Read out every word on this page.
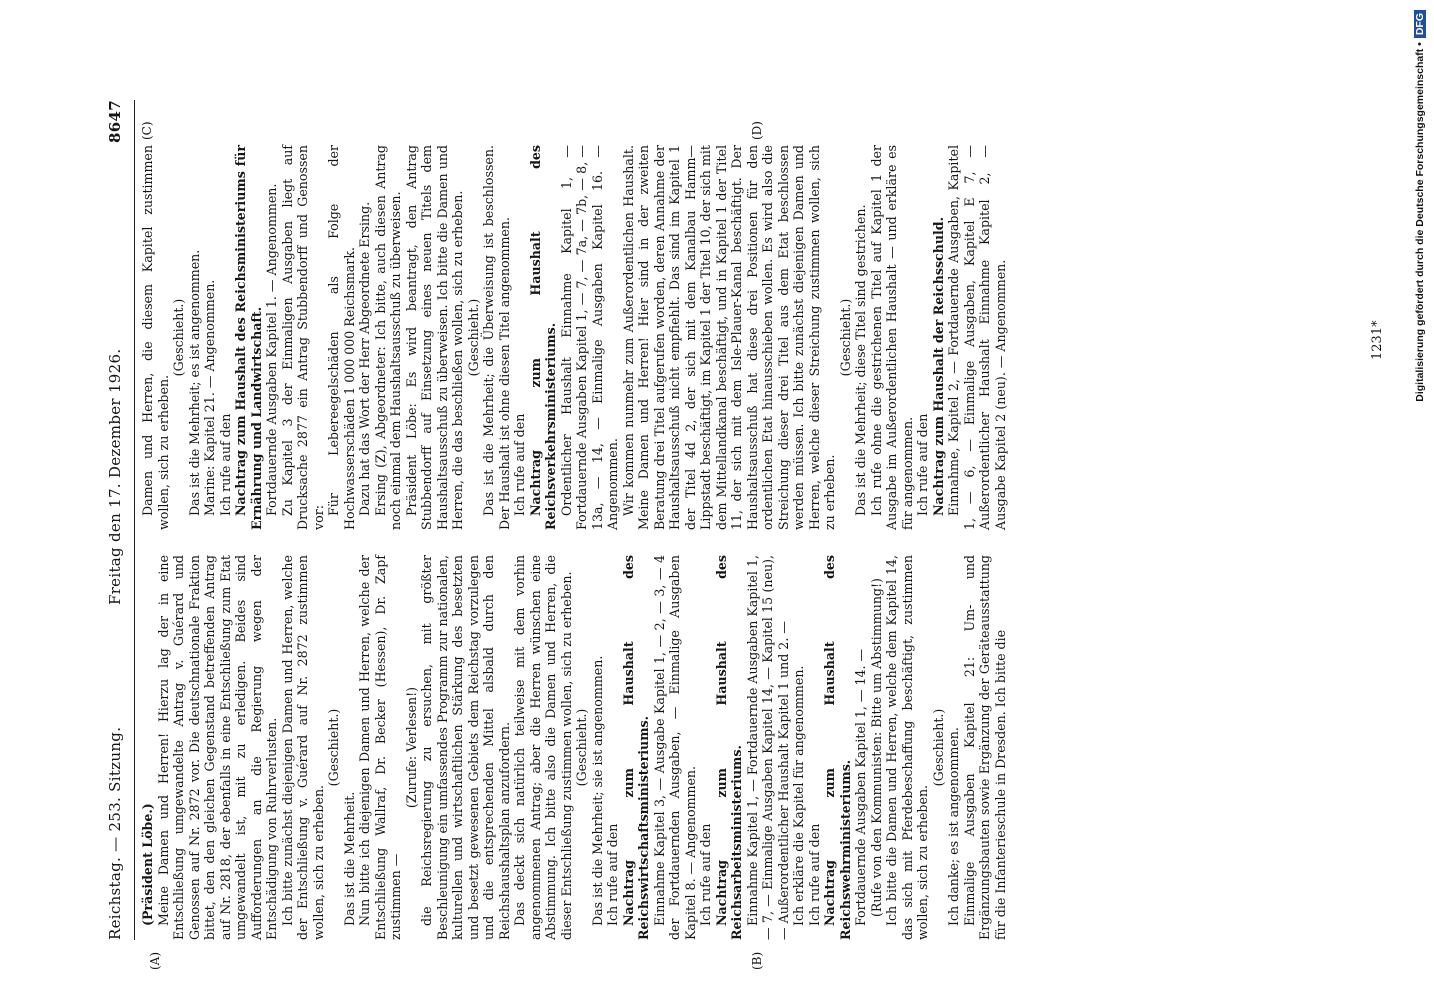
Reichstag. — 253. Sitzung.
Freitag den 17. Dezember 1926.
8647
(A)	(B)
(C)	(D)

(Präsident Löbe.) Meine Damen und Herren! Hierzu lag der in eine Entschließung umgewandelte Antrag v. Guérard und Genossen auf Nr. 2872 vor. Die deutschnationale Fraktion bittet, den den gleichen Gegenstand betreffenden Antrag auf Nr. 2818, der ebenfalls in eine Entschließung zum Etat umgewandelt ist, mit zu erledigen. Beides sind Aufforderungen an die Regierung wegen der Entschädigung von Ruhrverlusten. Ich bitte zunächst diejenigen Damen und Herren, welche der Entschließung v. Guérard auf Nr. 2872 zustimmen wollen, sich zu erheben.

(Geschieht.)

Das ist die Mehrheit. Nun bitte ich diejenigen Damen und Herren, welche der Entschließung Wallraf, Dr. Becker (Hessen), Dr. Zapf zustimmen —

(Zurufe: Verlesen!) die Reichsregierung zu ersuchen, mit größter Beschleunigung ein umfassendes Programm zur nationalen, kulturellen und wirtschaftlichen Stärkung des besetzten und besetzt gewesenen Gebiets dem Reichstag vorzulegen und die entsprechenden Mittel alsbald durch den Reichshaushaltsplan anzufordern. Das deckt sich natürlich teilweise mit dem vorhin angenommenen Antrag; aber die Herren wünschen eine Abstimmung. Ich bitte also die Damen und Herren, die dieser Entschließung zustimmen wollen, sich zu erheben. (Geschieht.) Das ist die Mehrheit; sie ist angenommen. Ich rufe auf den Nachtrag zum Haushalt des Reichswirtschaftsministeriums. Einnahme Kapitel 3, — Ausgabe Kapitel 1, — 2, — 3, — 4 der Fortdauernden Ausgaben, — Einmalige Ausgaben Kapitel 8. — Angenommen. Ich rufe auf den Nachtrag zum Haushalt des Reichsarbeitsministeriums. Einnahme Kapitel 1, — Fortdauernde Ausgaben Kapitel 1, — 7, — Einmalige Ausgaben Kapitel 14, — Kapitel 15 (neu), — Außerordentlicher Haushalt Kapitel 1 und 2. — Ich erkläre die Kapitel für angenommen. Ich rufe auf den Nachtrag zum Haushalt des Reichswehrministeriums. Fortdauernde Ausgaben Kapitel 1, — 14. — (Rufe von den Kommunisten: Bitte um Abstimmung!) Ich bitte die Damen und Herren, welche dem Kapitel 14, das sich mit Pferdebeschaffung beschäftigt, zustimmen wollen, sich zu erheben.

(Geschieht.) Ich danke; es ist angenommen. Einmalige Ausgaben Kapitel 21: Um- und Ergänzungsbauten sowie Ergänzung der Geräteausstattung für die Infanterieschule in Dresden. Ich bitte die

Damen und Herren, die diesem Kapitel zustimmen wollen, sich zu erheben.

(Geschieht.) Das ist die Mehrheit; es ist angenommen. Marine: Kapitel 21. — Angenommen. Ich rufe auf den Nachtrag zum Haushalt des Reichsministeriums für Ernährung und Landwirtschaft. Fortdauernde Ausgaben Kapitel 1. — Angenommen. Zu Kapitel 3 der Einmaligen Ausgaben liegt auf Drucksache 2877 ein Antrag Stubbendorff und Genossen vor:

Für Lebereegelschäden als Folge der Hochwasserschäden 1 000 000 Reichsmark. Dazu hat das Wort der Herr Abgeordnete Ersing. Ersing (Z), Abgeordneter: Ich bitte, auch diesen Antrag noch einmal dem Haushaltsausschuß zu überweisen. Präsident Löbe: Es wird beantragt, den Antrag Stubbendorff auf Einsetzung eines neuen Titels dem Haushaltsausschuß zu überweisen. Ich bitte die Damen und Herren, die das beschließen wollen, sich zu erheben. (Geschieht.) Das ist die Mehrheit; die Überweisung ist beschlossen. Der Haushalt ist ohne diesen Titel angenommen. Ich rufe auf den Nachtrag zum Haushalt des Reichsverkehrsministeriums. Ordentlicher Haushalt Einnahme Kapitel 1, — Fortdauernde Ausgaben Kapitel 1, — 7, — 7a, — 7b, — 8, — 13a, — 14, — Einmalige Ausgaben Kapitel 16. — Angenommen. Wir kommen nunmehr zum Außerordentlichen Haushalt. Meine Damen und Herren! Hier sind in der zweiten Beratung drei Titel aufgerufen worden, deren Annahme der Haushaltsausschuß nicht empfiehlt. Das sind im Kapitel 1 der Titel 4d 2, der sich mit dem Kanalbau Hamm—Lippstadt beschäftigt, im Kapitel 1 der Titel 10, der sich mit dem Mittellandkanal beschäftigt, und in Kapitel 1 der Titel 11, der sich mit dem Isle-Plauer-Kanal beschäftigt. Der Haushaltsausschuß hat diese drei Positionen für den ordentlichen Etat hinausschieben wollen. Es wird also die Streichung dieser drei Titel aus dem Etat beschlossen werden müssen. Ich bitte zunächst diejenigen Damen und Herren, welche dieser Streichung zustimmen wollen, sich zu erheben.

(Geschieht.) Das ist die Mehrheit; diese Titel sind gestrichen. Ich rufe ohne die gestrichenen Titel auf Kapitel 1 der Ausgabe im Außerordentlichen Haushalt — und erkläre es für angenommen. Ich rufe auf den Nachtrag zum Haushalt der Reichsschuld. Einnahme, Kapitel 2, — Fortdauernde Ausgaben, Kapitel 1, — 6, — Einmalige Ausgaben, Kapitel E 7, — Außerordentlicher Haushalt Einnahme Kapitel 2, — Ausgabe Kapitel 2 (neu). — Angenommen.	1231*	Digitalisierung gefördert durch die Deutsche Forschungsgemeinschaft •DFG
